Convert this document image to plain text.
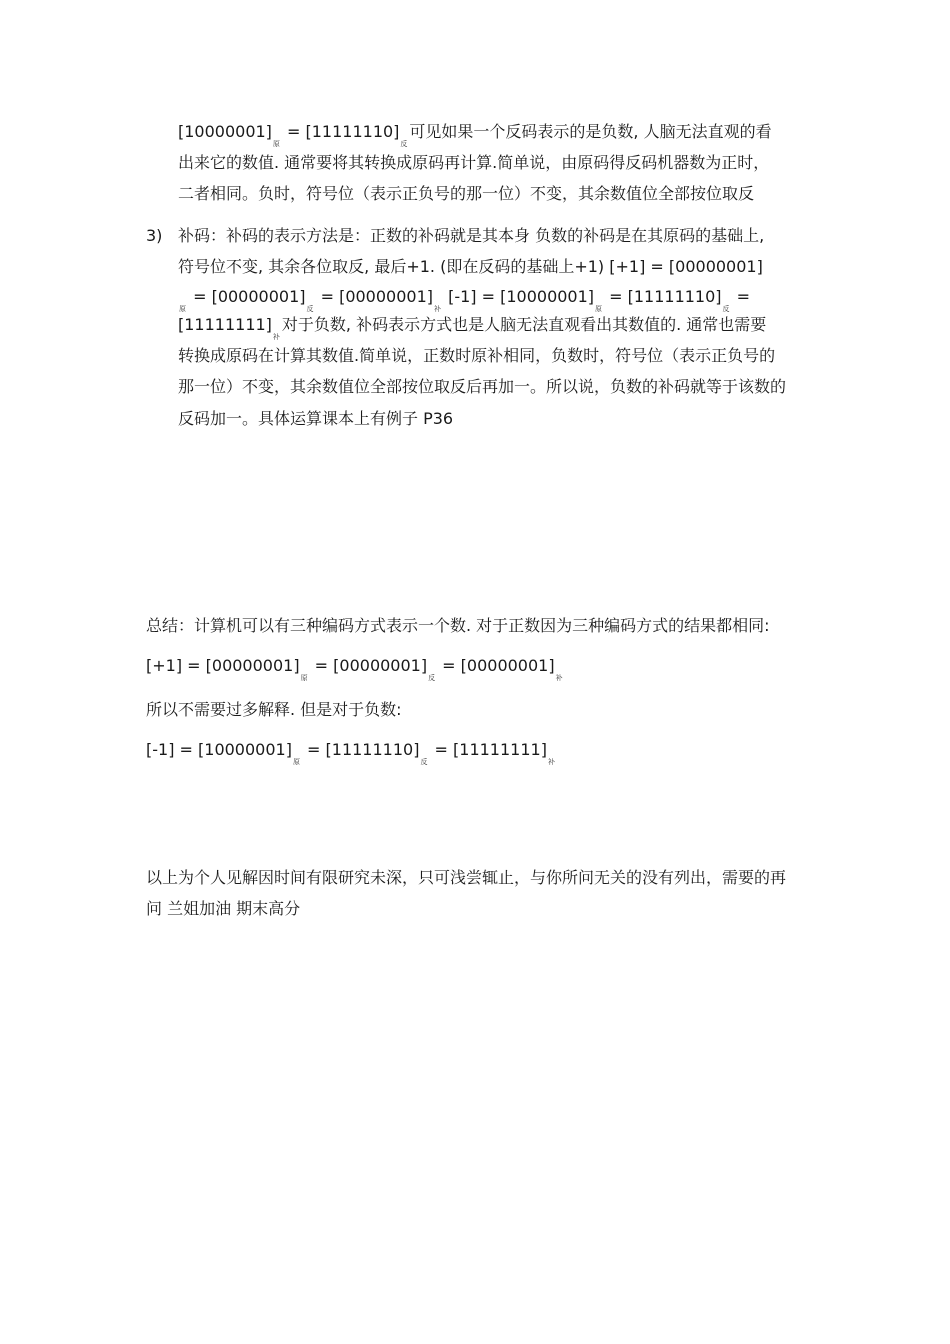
$[10000001]_原 = [11111110]_反$可见如果一个反码表示的是负数, 人脑无法直观的看
出来它的数值. 通常要将其转换成原码再计算.简单说，由原码得反码机器数为正时，
二者相同。负时，符号位（表示正负号的那一位）不变，其余数值位全部按位取反
3) 补码：补码的表示方法是：正数的补码就是其本身 负数的补码是在其原码的基础上,
符号位不变, 其余各位取反, 最后+1. (即在反码的基础上+1) [+1] = [00000001]
$_原 = [00000001]_反 = [00000001]_补$ $[-1] = [10000001]_原 = [11111110]_反$ =
$[11111111]_补$对于负数, 补码表示方式也是人脑无法直观看出其数值的. 通常也需要
转换成原码在计算其数值.简单说，正数时原补相同，负数时，符号位（表示正负号的
那一位）不变，其余数值位全部按位取反后再加一。所以说，负数的补码就等于该数的
反码加一。具体运算课本上有例子 P36
总结：计算机可以有三种编码方式表示一个数. 对于正数因为三种编码方式的结果都相同:
$[+1] = [00000001]_原 = [00000001]_反 = [00000001]_补$
所以不需要过多解释. 但是对于负数:
$[-1] = [10000001]_原 = [11111110]_反 = [11111111]_补$
以上为个人见解因时间有限研究未深，只可浅尝辄止，与你所问无关的没有列出，需要的再
问 兰姐加油 期末高分
